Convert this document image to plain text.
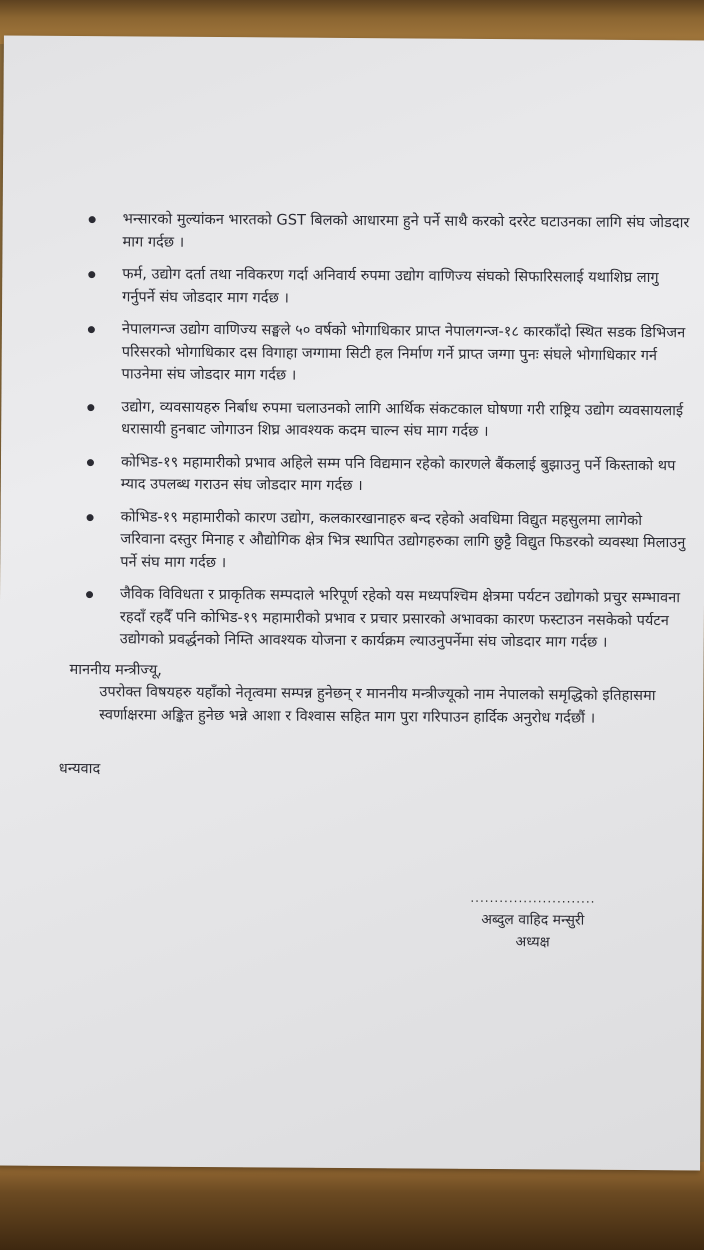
भन्सारको मुल्यांकन भारतको GST बिलको आधारमा हुने पर्ने साथै करको दररेट घटाउनका लागि संघ जोडदार माग गर्दछ ।
फर्म, उद्योग दर्ता तथा नविकरण गर्दा अनिवार्य रुपमा उद्योग वाणिज्य संघको सिफारिसलाई यथाशिघ्र लागु गर्नुपर्ने संघ जोडदार माग गर्दछ ।
नेपालगन्ज उद्योग वाणिज्य सङ्घले ५० वर्षको भोगाधिकार प्राप्त नेपालगन्ज-१८ कारकाँदो स्थित सडक डिभिजन परिसरको भोगाधिकार दस विगाहा जग्गामा सिटी हल निर्माण गर्ने प्राप्त जग्गा पुनः संघले भोगाधिकार गर्न पाउनेमा संघ जोडदार माग गर्दछ ।
उद्योग, व्यवसायहरु निर्बाध रुपमा चलाउनको लागि आर्थिक संकटकाल घोषणा गरी राष्ट्रिय उद्योग व्यवसायलाई धरासायी हुनबाट जोगाउन शिघ्र आवश्यक कदम चाल्न संघ माग गर्दछ ।
कोभिड-१९ महामारीको प्रभाव अहिले सम्म पनि विद्यमान रहेको कारणले बैंकलाई बुझाउनु पर्ने किस्ताको थप म्याद उपलब्ध गराउन संघ जोडदार माग गर्दछ ।
कोभिड-१९ महामारीको कारण उद्योग, कलकारखानाहरु बन्द रहेको अवधिमा विद्युत महसुलमा लागेको जरिवाना दस्तुर मिनाह र औद्योगिक क्षेत्र भित्र स्थापित उद्योगहरुका लागि छुट्टै विद्युत फिडरको व्यवस्था मिलाउनु पर्ने संघ माग गर्दछ ।
जैविक विविधता र प्राकृतिक सम्पदाले भरिपूर्ण रहेको यस मध्यपश्चिम क्षेत्रमा पर्यटन उद्योगको प्रचुर सम्भावना रहदाँ रहदैँ पनि कोभिड-१९ महामारीको प्रभाव र प्रचार प्रसारको अभावका कारण फस्टाउन नसकेको पर्यटन उद्योगको प्रवर्द्धनको निम्ति आवश्यक योजना र कार्यक्रम ल्याउनुपर्नेमा संघ जोडदार माग गर्दछ ।
माननीय मन्त्रीज्यू,
उपरोक्त विषयहरु यहाँको नेतृत्वमा सम्पन्न हुनेछन् र माननीय मन्त्रीज्यूको नाम नेपालको समृद्धिको इतिहासमा स्वर्णाक्षरमा अङ्कित हुनेछ भन्ने आशा र विश्वास सहित माग पुरा गरिपाउन हार्दिक अनुरोध गर्दछौं ।
धन्यवाद
..........................
अब्दुल वाहिद मन्सुरी
अध्यक्ष
